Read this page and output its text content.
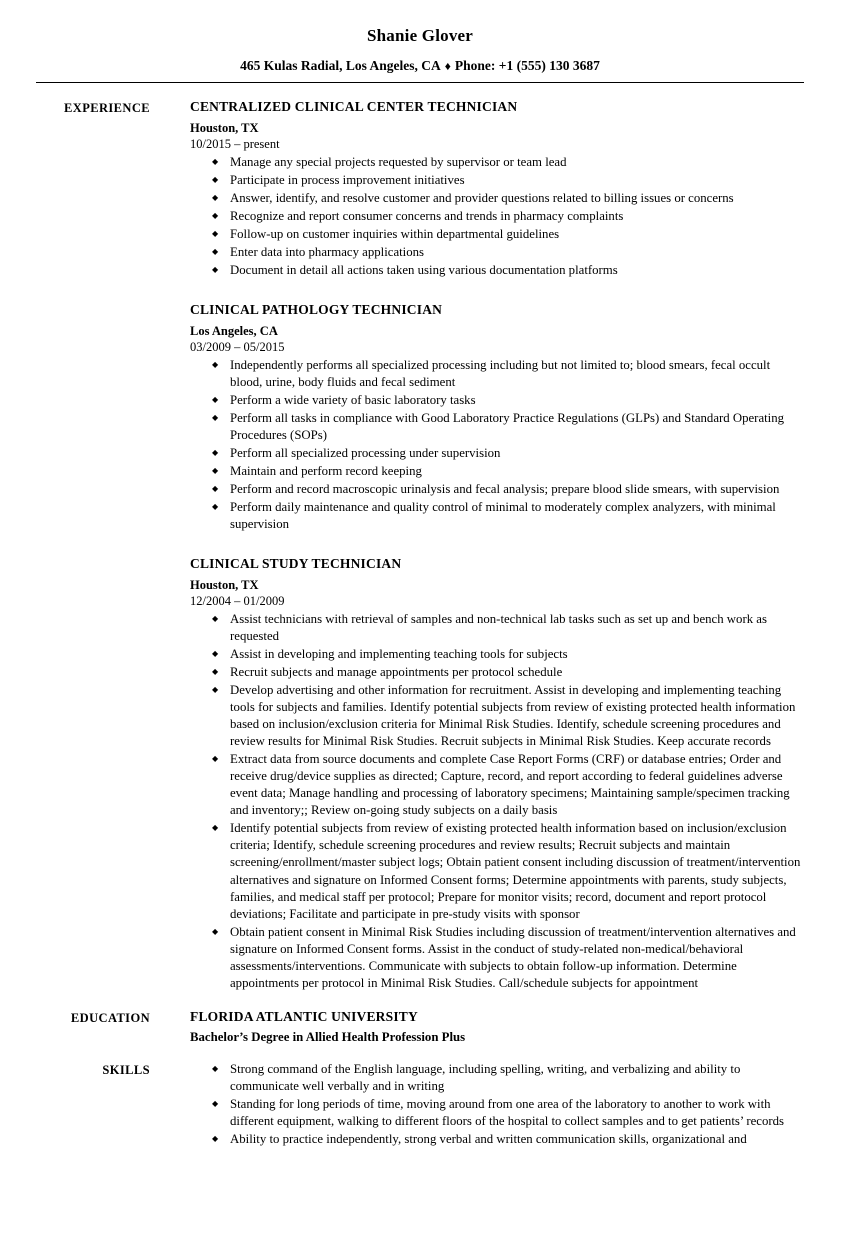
Shanie Glover
465 Kulas Radial, Los Angeles, CA ♦ Phone: +1 (555) 130 3687
EXPERIENCE	CENTRALIZED CLINICAL CENTER TECHNICIAN
Houston, TX
10/2015 – present
◆ Manage any special projects requested by supervisor or team lead
◆ Participate in process improvement initiatives
◆ Answer, identify, and resolve customer and provider questions related to billing issues or concerns
◆ Recognize and report consumer concerns and trends in pharmacy complaints
◆ Follow-up on customer inquiries within departmental guidelines
◆ Enter data into pharmacy applications
◆ Document in detail all actions taken using various documentation platforms
CLINICAL PATHOLOGY TECHNICIAN
Los Angeles, CA
03/2009 – 05/2015
◆ Independently performs all specialized processing including but not limited to; blood smears, fecal occult blood, urine, body fluids and fecal sediment
◆ Perform a wide variety of basic laboratory tasks
◆ Perform all tasks in compliance with Good Laboratory Practice Regulations (GLPs) and Standard Operating Procedures (SOPs)
◆ Perform all specialized processing under supervision
◆ Maintain and perform record keeping
◆ Perform and record macroscopic urinalysis and fecal analysis; prepare blood slide smears, with supervision
◆ Perform daily maintenance and quality control of minimal to moderately complex analyzers, with minimal supervision
CLINICAL STUDY TECHNICIAN
Houston, TX
12/2004 – 01/2009
◆ Assist technicians with retrieval of samples and non-technical lab tasks such as set up and bench work as requested
◆ Assist in developing and implementing teaching tools for subjects
◆ Recruit subjects and manage appointments per protocol schedule
◆ Develop advertising and other information for recruitment. Assist in developing and implementing teaching tools for subjects and families. Identify potential subjects from review of existing protected health information based on inclusion/exclusion criteria for Minimal Risk Studies. Identify, schedule screening procedures and review results for Minimal Risk Studies. Recruit subjects in Minimal Risk Studies. Keep accurate records
◆ Extract data from source documents and complete Case Report Forms (CRF) or database entries; Order and receive drug/device supplies as directed; Capture, record, and report according to federal guidelines adverse event data; Manage handling and processing of laboratory specimens; Maintaining sample/specimen tracking and inventory;; Review on-going study subjects on a daily basis
◆ Identify potential subjects from review of existing protected health information based on inclusion/exclusion criteria; Identify, schedule screening procedures and review results; Recruit subjects and maintain screening/enrollment/master subject logs; Obtain patient consent including discussion of treatment/intervention alternatives and signature on Informed Consent forms; Determine appointments with parents, study subjects, families, and medical staff per protocol; Prepare for monitor visits; record, document and report protocol deviations; Facilitate and participate in pre-study visits with sponsor
◆ Obtain patient consent in Minimal Risk Studies including discussion of treatment/intervention alternatives and signature on Informed Consent forms. Assist in the conduct of study-related non-medical/behavioral assessments/interventions. Communicate with subjects to obtain follow-up information. Determine appointments per protocol in Minimal Risk Studies. Call/schedule subjects for appointment
EDUCATION	FLORIDA ATLANTIC UNIVERSITY
Bachelor’s Degree in Allied Health Profession Plus
SKILLS	◆ Strong command of the English language, including spelling, writing, and verbalizing and ability to communicate well verbally and in writing
◆ Standing for long periods of time, moving around from one area of the laboratory to another to work with different equipment, walking to different floors of the hospital to collect samples and to get patients’ records
◆ Ability to practice independently, strong verbal and written communication skills, organizational and
